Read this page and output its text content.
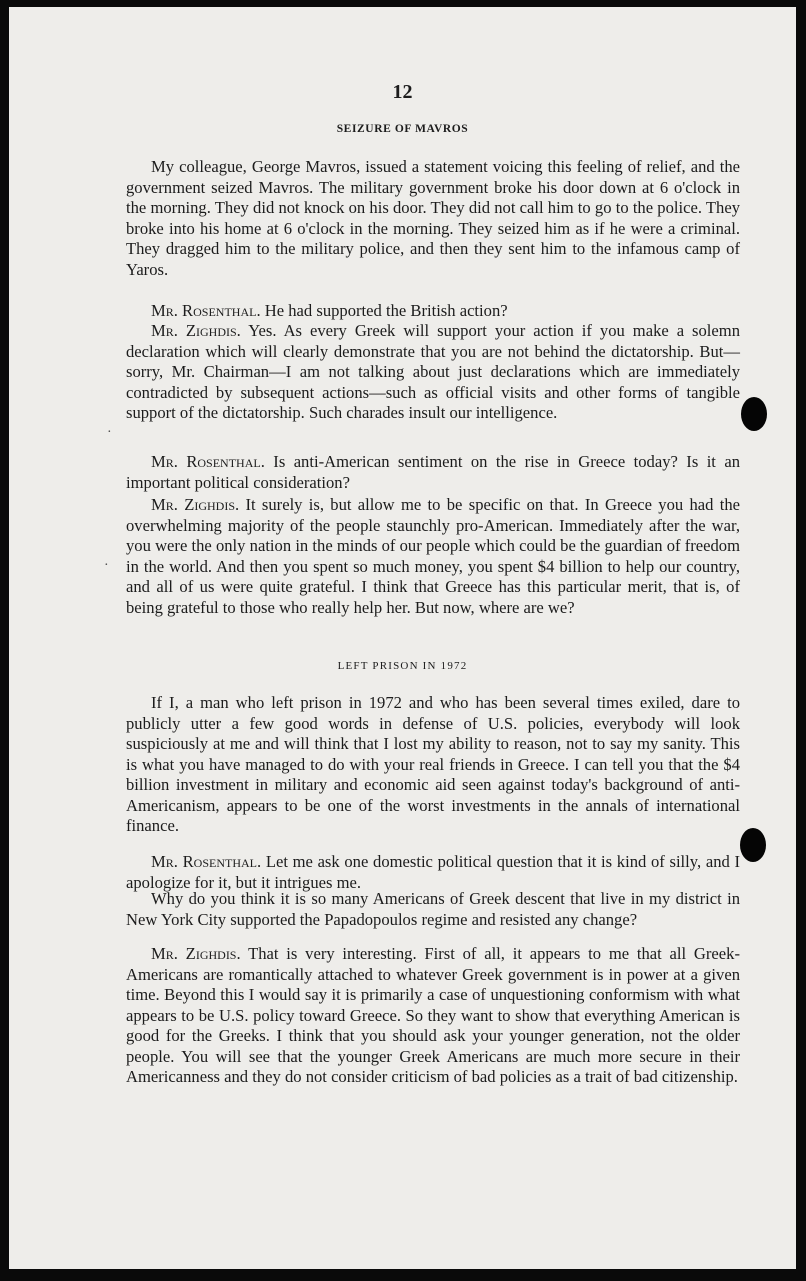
12
SEIZURE OF MAVROS

My colleague, George Mavros, issued a statement voicing this feeling of relief, and the government seized Mavros. The military government broke his door down at 6 o'clock in the morning. They did not knock on his door. They did not call him to go to the police. They broke into his home at 6 o'clock in the morning. They seized him as if he were a criminal. They dragged him to the military police, and then they sent him to the infamous camp of Yaros.

Mr. Rosenthal. He had supported the British action?

Mr. Zighdis. Yes. As every Greek will support your action if you make a solemn declaration which will clearly demonstrate that you are not behind the dictatorship. But—sorry, Mr. Chairman—I am not talking about just declarations which are immediately contradicted by subsequent actions—such as official visits and other forms of tangible support of the dictatorship. Such charades insult our intelligence.

Mr. Rosenthal. Is anti-American sentiment on the rise in Greece today? Is it an important political consideration?

Mr. Zighdis. It surely is, but allow me to be specific on that. In Greece you had the overwhelming majority of the people staunchly pro-American. Immediately after the war, you were the only nation in the minds of our people which could be the guardian of freedom in the world. And then you spent so much money, you spent $4 billion to help our country, and all of us were quite grateful. I think that Greece has this particular merit, that is, of being grateful to those who really help her. But now, where are we?

LEFT PRISON IN 1972

If I, a man who left prison in 1972 and who has been several times exiled, dare to publicly utter a few good words in defense of U.S. policies, everybody will look suspiciously at me and will think that I lost my ability to reason, not to say my sanity. This is what you have managed to do with your real friends in Greece. I can tell you that the $4 billion investment in military and economic aid seen against today's background of anti-Americanism, appears to be one of the worst investments in the annals of international finance.

Mr. Rosenthal. Let me ask one domestic political question that it is kind of silly, and I apologize for it, but it intrigues me.

Why do you think it is so many Americans of Greek descent that live in my district in New York City supported the Papadopoulos regime and resisted any change?

Mr. Zighdis. That is very interesting. First of all, it appears to me that all Greek-Americans are romantically attached to whatever Greek government is in power at a given time. Beyond this I would say it is primarily a case of unquestioning conformism with what appears to be U.S. policy toward Greece. So they want to show that everything American is good for the Greeks. I think that you should ask your younger generation, not the older people. You will see that the younger Greek Americans are much more secure in their Americanness and they do not consider criticism of bad policies as a trait of bad citizenship.

·
·
